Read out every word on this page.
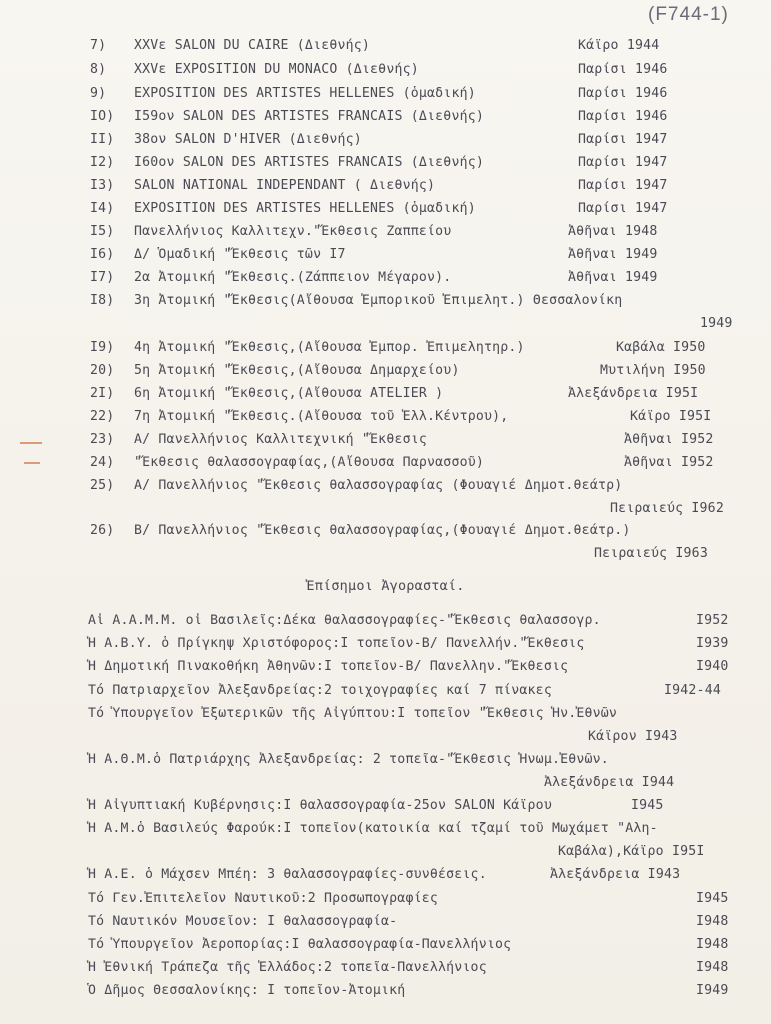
(F744-1)
7) XXVε SALON DU CAIRE (Διεθνής)	Κάϊρο 1944
8) XXVε EXPOSITION DU MONACO (Διεθνής)	Παρίσι 1946
9) EXPOSITION DES ARTISTES HELLENES (ὁμαδική)	Παρίσι 1946
IO) I59ον SALON DES ARTISTES FRANCAIS (Διεθνής)	Παρίσι 1946
II) 38ον SALON D'HIVER (Διεθνής)	Παρίσι 1947
I2) I60ον SALON DES ARTISTES FRANCAIS (Διεθνής)	Παρίσι 1947
I3) SALON NATIONAL INDEPENDANT ( Διεθνής)	Παρίσι 1947
I4) EXPOSITION DES ARTISTES HELLENES (ὁμαδική)	Παρίσι 1947
I5) Πανελλήνιος Καλλιτεχν."Ἔκθεσις Ζαππείου	Ἀθῆναι 1948
I6) Δ/ Ὁμαδική "Ἔκθεσις τῶν I7	Ἀθῆναι 1949
I7) 2α Ἀτομική "Ἔκθεσις.(Ζάππειον Μέγαρον).	Ἀθῆναι 1949
I8) 3η Ἀτομική "Ἔκθεσις(Αἴθουσα Ἐμπορικοῦ Ἐπιμελητ.) Θεσσαλονίκη
1949
I9) 4η Ἀτομική "Ἔκθεσις,(Αἴθουσα Ἐμπορ. Ἐπιμελητηρ.)	Καβάλα I950
20) 5η Ἀτομική "Ἔκθεσις,(Αἴθουσα Δημαρχείου)	Μυτιλήνη I950
2I) 6η Ἀτομική "Ἔκθεσις,(Αἴθουσα ATELIER )	Ἀλεξάνδρεια I95I
22) 7η Ἀτομική "Ἔκθεσις.(Αἴθουσα τοῦ Ἑλλ.Κέντρου),	Κάϊρο I95I
23) Α/ Πανελλήνιος Καλλιτεχνική "Ἔκθεσις	Ἀθῆναι I952
24) "Ἔκθεσις θαλασσογραφίας,(Αἴθουσα Παρνασσοῦ)	Ἀθῆναι I952
25) Α/ Πανελλήνιος "Ἔκθεσις θαλασσογραφίας (Φουαγιέ Δημοτ.θεάτρ)
Πειραιεύς I962
26) Β/ Πανελλήνιος "Ἔκθεσις θαλασσογραφίας,(Φουαγιέ Δημοτ.θεάτρ.)
Πειραιεύς I963
Ἐπίσημοι Ἀγορασταί.
Αἱ Α.Α.Μ.Μ. οἱ Βασιλεῖς:Δέκα θαλασσογραφίες-"Ἔκθεσις θαλασσογρ.	I952
Ἡ Α.Β.Υ. ὁ Πρίγκηψ Χριστόφορος:I τοπεῖον-Β/ Πανελλήν."Ἔκθεσις	I939
Ἡ Δημοτική Πινακοθήκη Ἀθηνῶν:I τοπεῖον-Β/ Πανελλην."Ἔκθεσις	I940
Τό Πατριαρχεῖον Ἀλεξανδρείας:2 τοιχογραφίες καί 7 πίνακες	I942-44
Τό Ὑπουργεῖον Ἐξωτερικῶν τῆς Αἰγύπτου:I τοπεῖον "Ἔκθεσις Ἡν.Ἐθνῶν
Κάϊρον I943
Ἡ Α.Θ.Μ.ὁ Πατριάρχης Ἀλεξανδρείας: 2 τοπεῖα-"Ἔκθεσις Ἡνωμ.Ἐθνῶν.
Ἀλεξάνδρεια I944
Ἡ Αἰγυπτιακή Κυβέρνησις:I θαλασσογραφία-25ον SALON Κάϊρου	I945
Ἡ Α.Μ.ὁ Βασιλεύς Φαρούκ:I τοπεῖον(κατοικία καί τζαμί τοῦ Μωχάμετ "Αλη-
Καβάλα),Κάϊρο I95I
Ἡ Α.Ε. ὁ Μάχσεν Μπέη: 3 θαλασσογραφίες-συνθέσεις.	Ἀλεξάνδρεια I943
Τό Γεν.Ἐπιτελεῖον Ναυτικοῦ:2 Προσωπογραφίες	I945
Τό Ναυτικόν Μουσεῖον: I θαλασσογραφία-	I948
Τό Ὑπουργεῖον Ἀεροπορίας:I θαλασσογραφία-Πανελλήνιος	I948
Ἡ Ἐθνική Τράπεζα τῆς Ἑλλάδος:2 τοπεῖα-Πανελλήνιος	I948
Ὁ Δῆμος Θεσσαλονίκης: I τοπεῖον-Ἀτομική	I949
